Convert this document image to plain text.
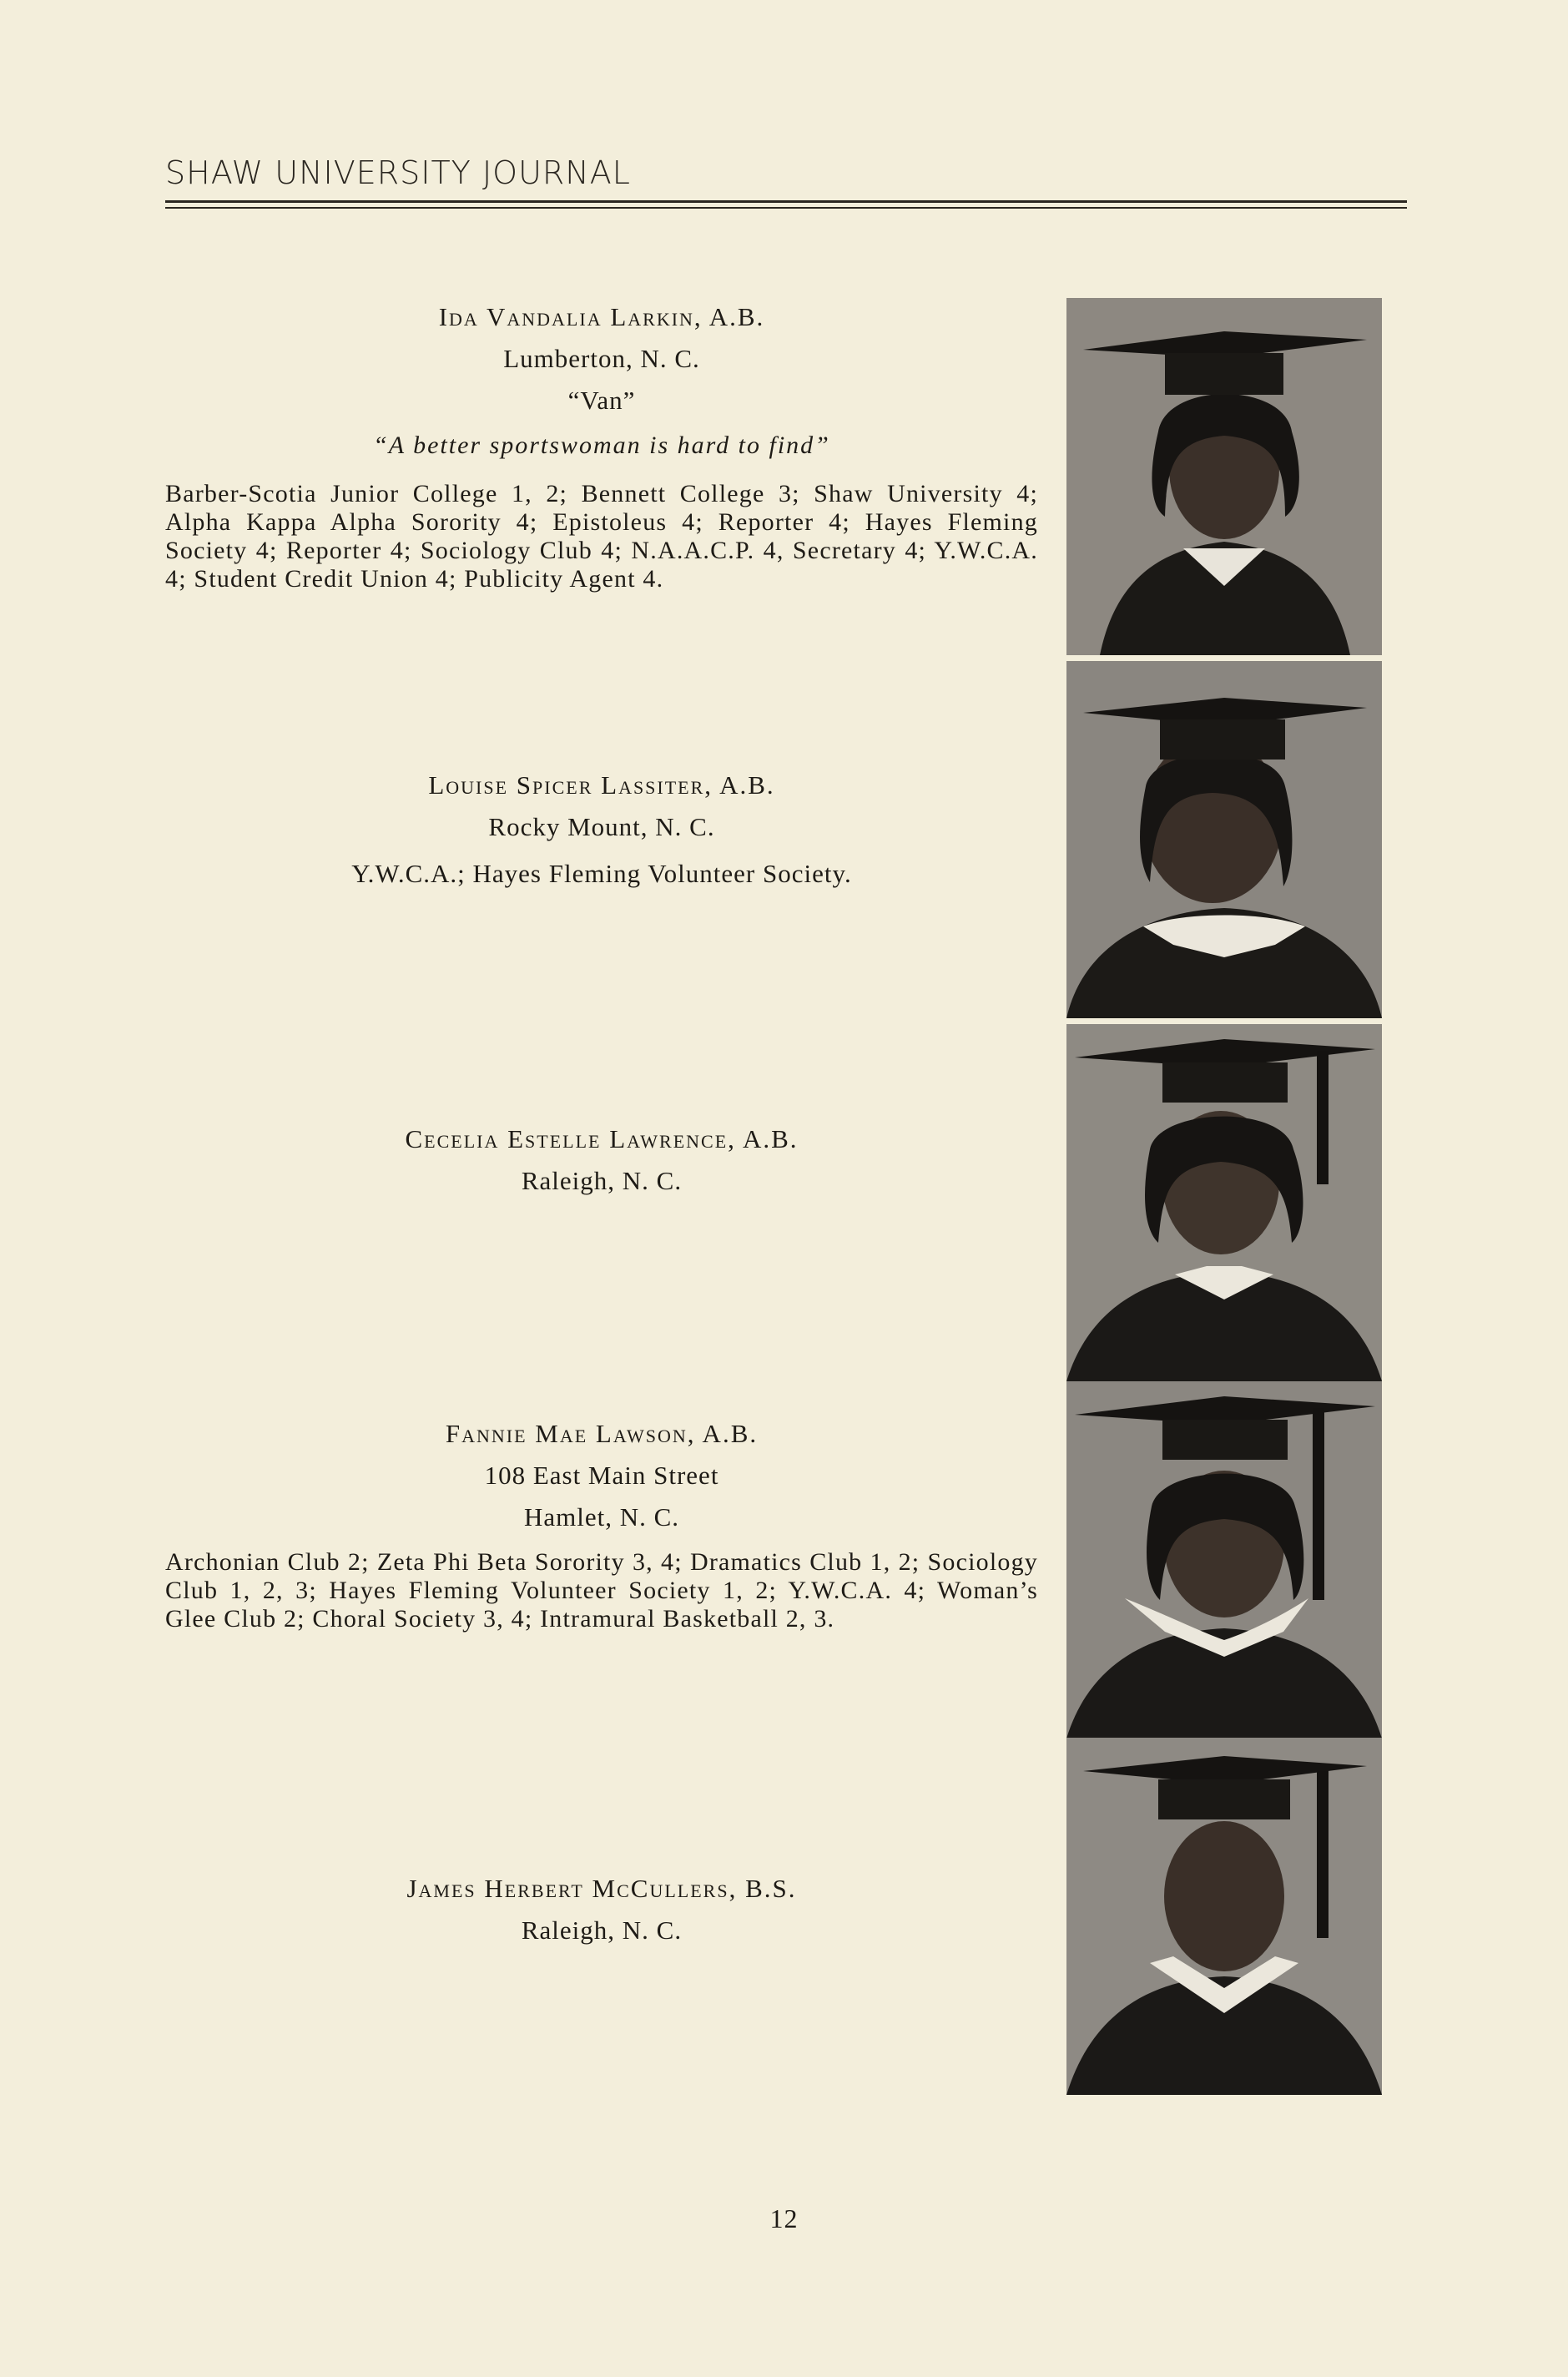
SHAW UNIVERSITY JOURNAL
Ida Vandalia Larkin, A.B.
Lumberton, N. C.
“Van”
“A better sportswoman is hard to find”
Barber-Scotia Junior College 1, 2; Bennett College 3; Shaw University 4; Alpha Kappa Alpha Sorority 4; Epistoleus 4; Reporter 4; Hayes Fleming Society 4; Reporter 4; Sociology Club 4; N.A.A.C.P. 4, Secretary 4; Y.W.C.A. 4; Student Credit Union 4; Publicity Agent 4.
Louise Spicer Lassiter, A.B.
Rocky Mount, N. C.
Y.W.C.A.; Hayes Fleming Volunteer Society.
Cecelia Estelle Lawrence, A.B.
Raleigh, N. C.
Fannie Mae Lawson, A.B.
108 East Main Street
Hamlet, N. C.
Archonian Club 2; Zeta Phi Beta Sorority 3, 4; Dramatics Club 1, 2; Sociology Club 1, 2, 3; Hayes Fleming Volunteer Society 1, 2; Y.W.C.A. 4; Woman’s Glee Club 2; Choral Society 3, 4; Intramural Basketball 2, 3.
James Herbert McCullers, B.S.
Raleigh, N. C.
12
